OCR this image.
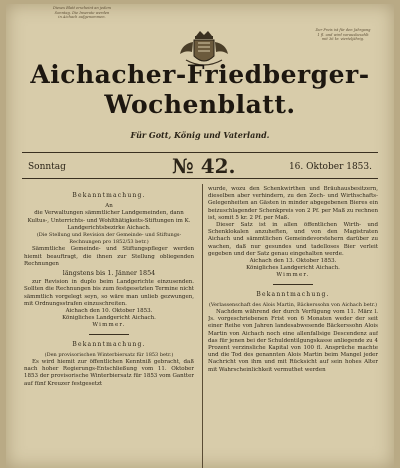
Dieses Blatt erscheint an jedem
Sonntag. Die Inserate werden
in Aichach aufgenommen.
Der Preis ist für den Jahrgang
1 fl. und wird vorausbezahlt
mit 36 kr. vierteljährig.
Aichacher-Friedberger-
Wochenblatt.
Für Gott, König und Vaterland.
Sonntag	№ 42.	16. Oktober 1853.

Bekanntmachung.

An

die Verwaltungen sämmtlicher Landgemeinden, dann Kultus-, Unterrichts- und Wohlthätigkeits-Stiftungen im K. Landgerichtsbezirke Aichach.

(Die Stellung und Revision der Gemeinde- und Stiftungs-Rechnungen pro 1852/53 betr.)

Sämmtliche Gemeinde- und Stiftungspfleger werden hiemit beauftragt, die ihnen zur Stellung obliegenden Rechnungen

längstens bis 1. Jänner 1854

zur Revision in duplo beim Landgerichte einzusenden. Sollten die Rechnungen bis zum festgesetzten Termine nicht sämmtlich vorgelegt seyn, so wäre man unlieb gezwungen, mit Ordnungsstrafen einzuschreiten.

Aichach den 10. Oktober 1853.

Königliches Landgericht Aichach.

Wimmer.

Bekanntmachung.

(Den provisorischen Winterbiersatz für 1853 betr.)

Es wird hiemit zur öffentlichen Kenntniß gebracht, daß nach hoher Regierungs-Entschließung vom 11. Oktober 1853 der provisorische Winterbiersatz für 1853 vom Gantter auf fünf Kreuzer festgesetzt

wurde, wozu den Schenkwirthen und Bräuhausbesitzern, dieselben aber verhindern, zu den Zech- und Wirthschafts-Gelegenheiten an Gästen in minder abgegebenen Bieres ein beizuschlagender Schenkpreis von 2 Pf. per Maß zu rechnen ist, somit 5 kr. 2 Pf. per Maß.

Dieser Satz ist in allen öffentlichen Wirth- und Schenklokalen anzuheften, und von den Magistraten Aichach und sämmtlichen Gemeindevorstehern darüber zu wachen, daß nur gesundes und tadelloses Bier verleit gegeben und der Satz genau eingehalten werde.

Aichach den 13. Oktober 1853.

Königliches Landgericht Aichach.

Wimmer.

Bekanntmachung.

(Verlassenschaft des Alois Martin, Bäckerssohn von Aichach betr.)

Nachdem während der durch Verfügung vom 11. März l. Js. vorgeschriebenen Frist von 6 Monaten weder der seit einer Reihe von Jahren landesabwesende Bäckerssohn Alois Martin von Aichach noch eine allenfallsige Descendenz auf das für jenen bei der Schuldentilgungskasse anliegende zu 4 Prozent verzinsliche Kapital von 100 fl. Ansprüche machte und die Tod des genannten Alois Martin beim Mangel jeder Nachricht von ihm und mit Rücksicht auf sein hohes Alter mit Wahrscheinlichkeit vermuthet werden
